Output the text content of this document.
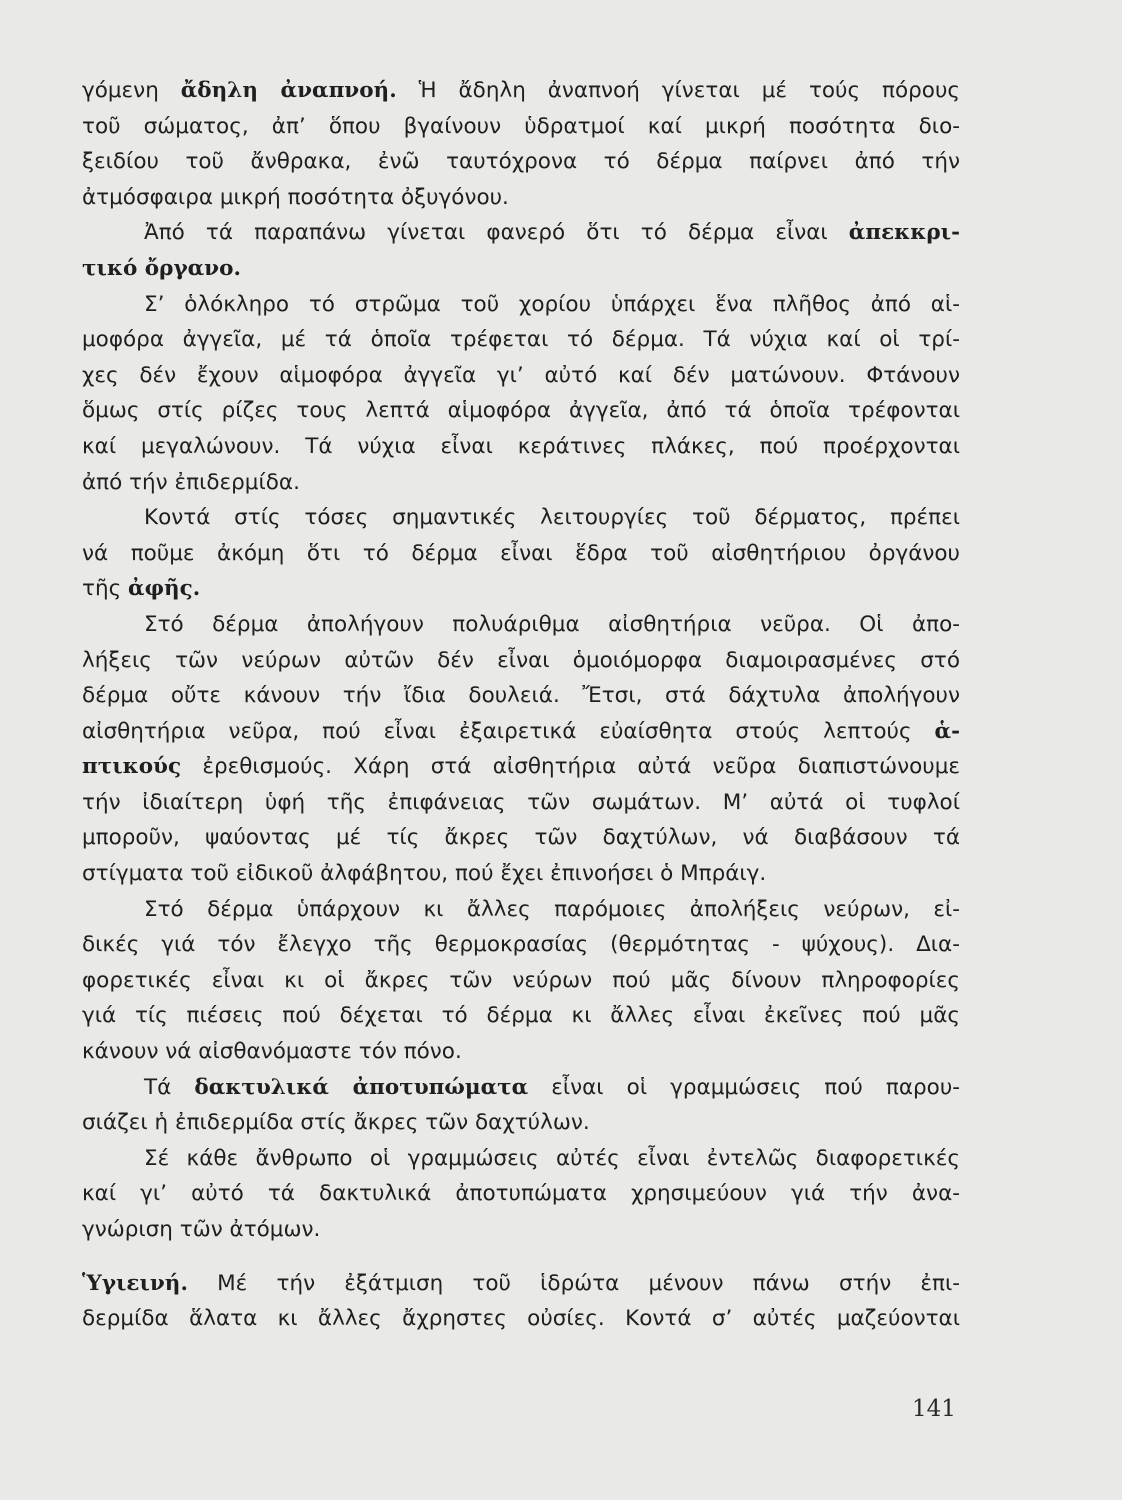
γόμενη ἄδηλη ἀναπνοή. Ἡ ἄδηλη ἀναπνοή γίνεται μέ τούς πόρους
τοῦ σώματος, ἀπ’ ὅπου βγαίνουν ὑδρατμοί καί μικρή ποσότητα διο-
ξειδίου τοῦ ἄνθρακα, ἐνῶ ταυτόχρονα τό δέρμα παίρνει ἀπό τήν
ἀτμόσφαιρα μικρή ποσότητα ὀξυγόνου.
Ἀπό τά παραπάνω γίνεται φανερό ὅτι τό δέρμα εἶναι ἀπεκκρι-
τικό ὄργανο.
Σ’ ὁλόκληρο τό στρῶμα τοῦ χορίου ὑπάρχει ἕνα πλῆθος ἀπό αἱ-
μοφόρα ἀγγεῖα, μέ τά ὁποῖα τρέφεται τό δέρμα. Τά νύχια καί οἱ τρί-
χες δέν ἔχουν αἱμοφόρα ἀγγεῖα γι’ αὐτό καί δέν ματώνουν. Φτάνουν
ὅμως στίς ρίζες τους λεπτά αἱμοφόρα ἀγγεῖα, ἀπό τά ὁποῖα τρέφονται
καί μεγαλώνουν. Τά νύχια εἶναι κεράτινες πλάκες, πού προέρχονται
ἀπό τήν ἐπιδερμίδα.
Κοντά στίς τόσες σημαντικές λειτουργίες τοῦ δέρματος, πρέπει
νά ποῦμε ἀκόμη ὅτι τό δέρμα εἶναι ἕδρα τοῦ αἰσθητήριου ὀργάνου
τῆς ἀφῆς.
Στό δέρμα ἀπολήγουν πολυάριθμα αἰσθητήρια νεῦρα. Οἱ ἀπο-
λήξεις τῶν νεύρων αὐτῶν δέν εἶναι ὁμοιόμορφα διαμοιρασμένες στό
δέρμα οὔτε κάνουν τήν ἴδια δουλειά. Ἔτσι, στά δάχτυλα ἀπολήγουν
αἰσθητήρια νεῦρα, πού εἶναι ἐξαιρετικά εὐαίσθητα στούς λεπτούς ἁ-
πτικούς ἐρεθισμούς. Χάρη στά αἰσθητήρια αὐτά νεῦρα διαπιστώνουμε
τήν ἰδιαίτερη ὑφή τῆς ἐπιφάνειας τῶν σωμάτων. Μ’ αὐτά οἱ τυφλοί
μποροῦν, ψαύοντας μέ τίς ἄκρες τῶν δαχτύλων, νά διαβάσουν τά
στίγματα τοῦ εἰδικοῦ ἀλφάβητου, πού ἔχει ἐπινοήσει ὁ Μπράιγ.
Στό δέρμα ὑπάρχουν κι ἄλλες παρόμοιες ἀπολήξεις νεύρων, εἰ-
δικές γιά τόν ἔλεγχο τῆς θερμοκρασίας (θερμότητας - ψύχους). Δια-
φορετικές εἶναι κι οἱ ἄκρες τῶν νεύρων πού μᾶς δίνουν πληροφορίες
γιά τίς πιέσεις πού δέχεται τό δέρμα κι ἄλλες εἶναι ἐκεῖνες πού μᾶς
κάνουν νά αἰσθανόμαστε τόν πόνο.
Τά δακτυλικά ἀποτυπώματα εἶναι οἱ γραμμώσεις πού παρου-
σιάζει ἡ ἐπιδερμίδα στίς ἄκρες τῶν δαχτύλων.
Σέ κάθε ἄνθρωπο οἱ γραμμώσεις αὐτές εἶναι ἐντελῶς διαφορετικές
καί γι’ αὐτό τά δακτυλικά ἀποτυπώματα χρησιμεύουν γιά τήν ἀνα-
γνώριση τῶν ἀτόμων.
Ὑγιεινή. Μέ τήν ἐξάτμιση τοῦ ἱδρώτα μένουν πάνω στήν ἐπι-
δερμίδα ἅλατα κι ἄλλες ἄχρηστες οὐσίες. Κοντά σ’ αὐτές μαζεύονται
141
